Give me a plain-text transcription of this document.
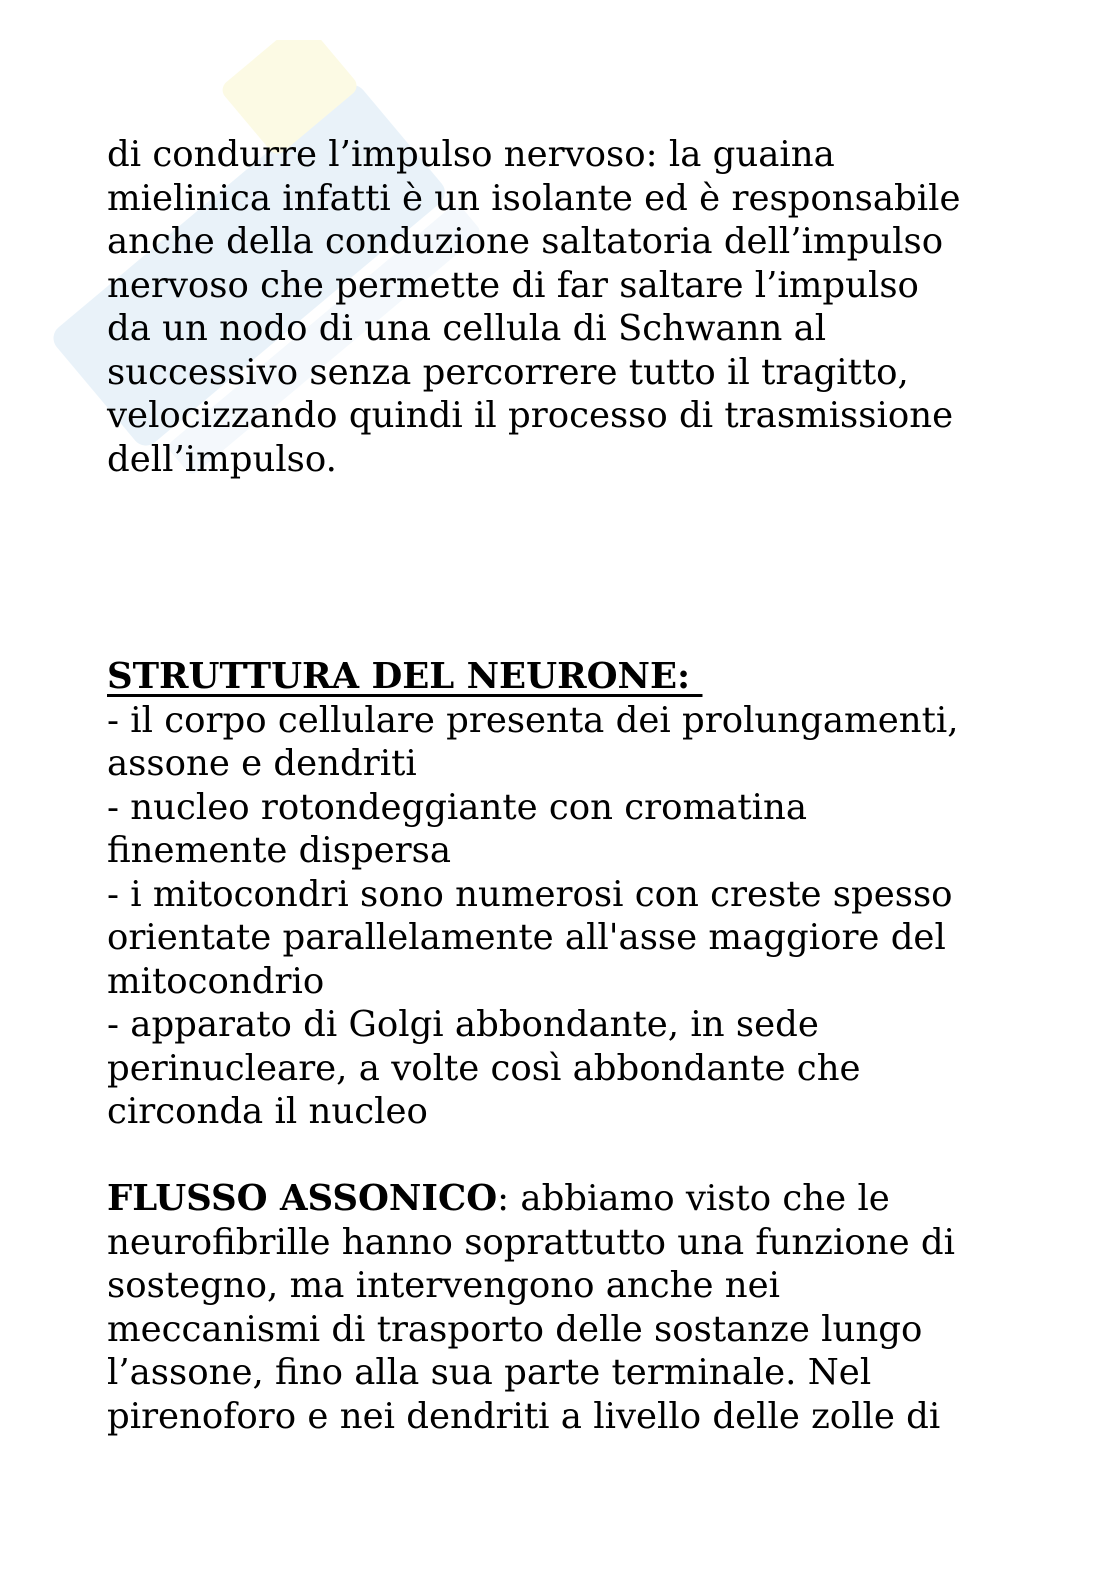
di condurre l’impulso nervoso: la guaina
mielinica infatti è un isolante ed è responsabile
anche della conduzione saltatoria dell’impulso
nervoso che permette di far saltare l’impulso
da un nodo di una cellula di Schwann al
successivo senza percorrere tutto il tragitto,
velocizzando quindi il processo di trasmissione
dell’impulso.
STRUTTURA DEL NEURONE:
- il corpo cellulare presenta dei prolungamenti,
assone e dendriti
- nucleo rotondeggiante con cromatina
finemente dispersa
- i mitocondri sono numerosi con creste spesso
orientate parallelamente all'asse maggiore del
mitocondrio
- apparato di Golgi abbondante, in sede
perinucleare, a volte così abbondante che
circonda il nucleo
FLUSSO ASSONICO: abbiamo visto che le
neurofibrille hanno soprattutto una funzione di
sostegno, ma intervengono anche nei
meccanismi di trasporto delle sostanze lungo
l’assone, fino alla sua parte terminale. Nel
pirenoforo e nei dendriti a livello delle zolle di
